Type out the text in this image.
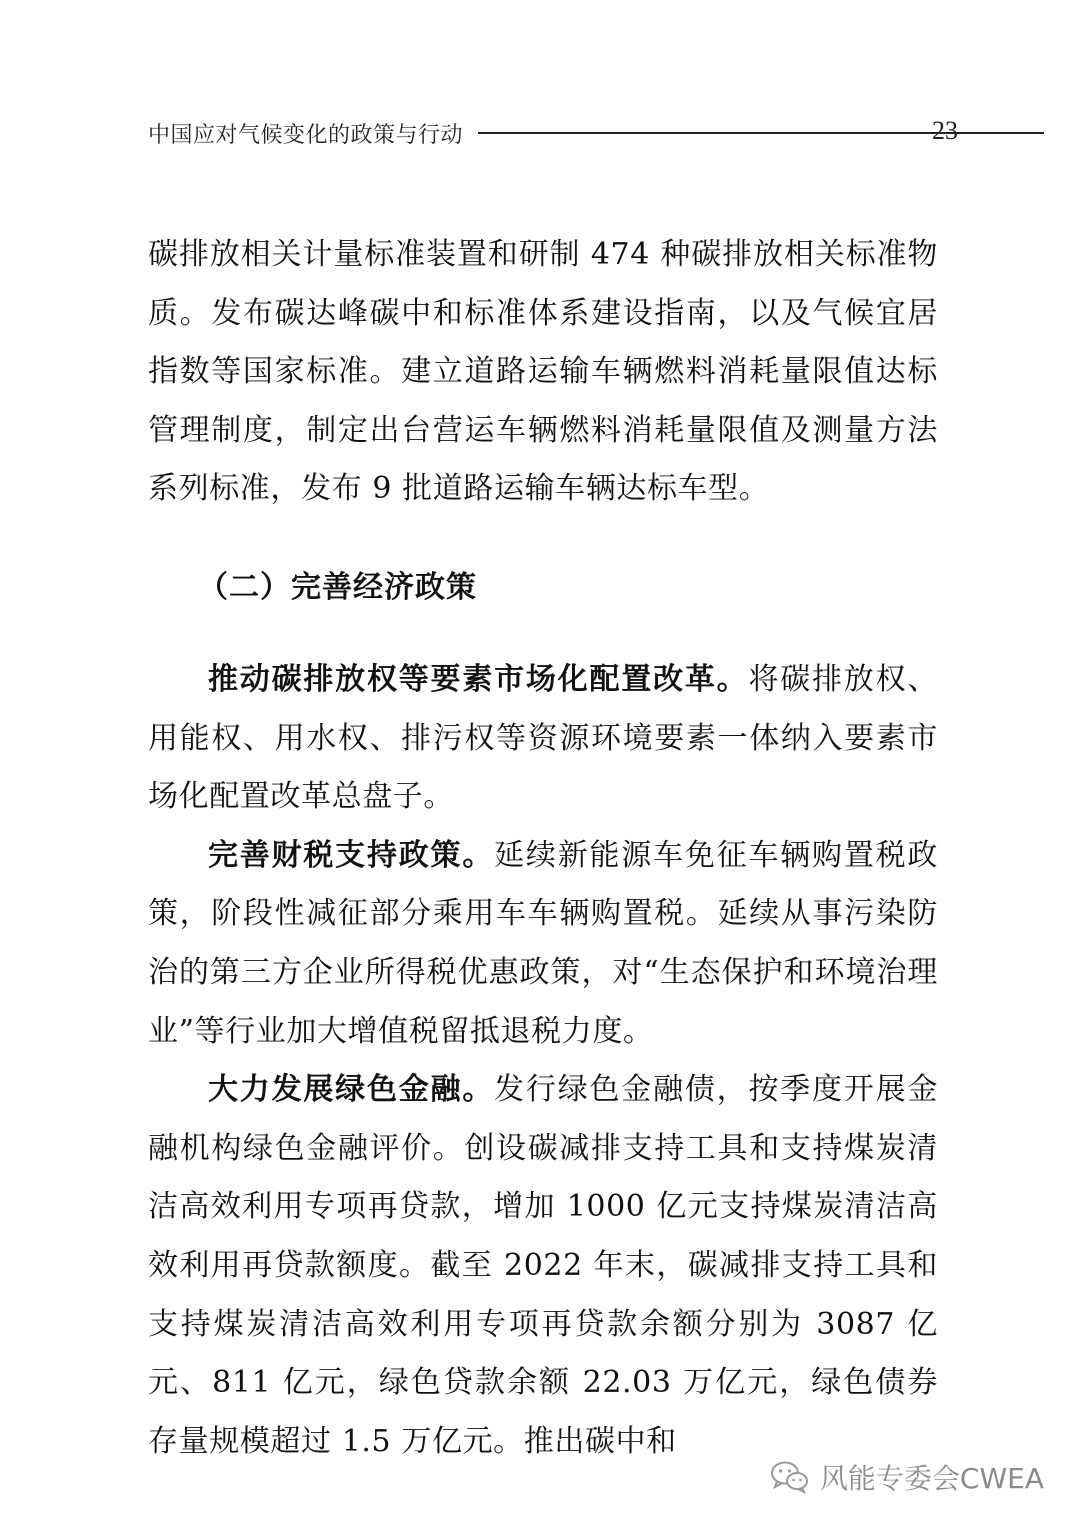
中国应对气候变化的政策与行动	23

碳排放相关计量标准装置和研制 474 种碳排放相关标准物质。发布碳达峰碳中和标准体系建设指南，以及气候宜居指数等国家标准。建立道路运输车辆燃料消耗量限值达标管理制度，制定出台营运车辆燃料消耗量限值及测量方法系列标准，发布 9 批道路运输车辆达标车型。

（二）完善经济政策

推动碳排放权等要素市场化配置改革。将碳排放权、用能权、用水权、排污权等资源环境要素一体纳入要素市场化配置改革总盘子。

完善财税支持政策。延续新能源车免征车辆购置税政策，阶段性减征部分乘用车车辆购置税。延续从事污染防治的第三方企业所得税优惠政策，对“生态保护和环境治理业”等行业加大增值税留抵退税力度。

大力发展绿色金融。发行绿色金融债，按季度开展金融机构绿色金融评价。创设碳减排支持工具和支持煤炭清洁高效利用专项再贷款，增加 1000 亿元支持煤炭清洁高效利用再贷款额度。截至 2022 年末，碳减排支持工具和支持煤炭清洁高效利用专项再贷款余额分别为 3087 亿元、811 亿元，绿色贷款余额 22.03 万亿元，绿色债券存量规模超过 1.5 万亿元。推出碳中和

风能专委会CWEA
